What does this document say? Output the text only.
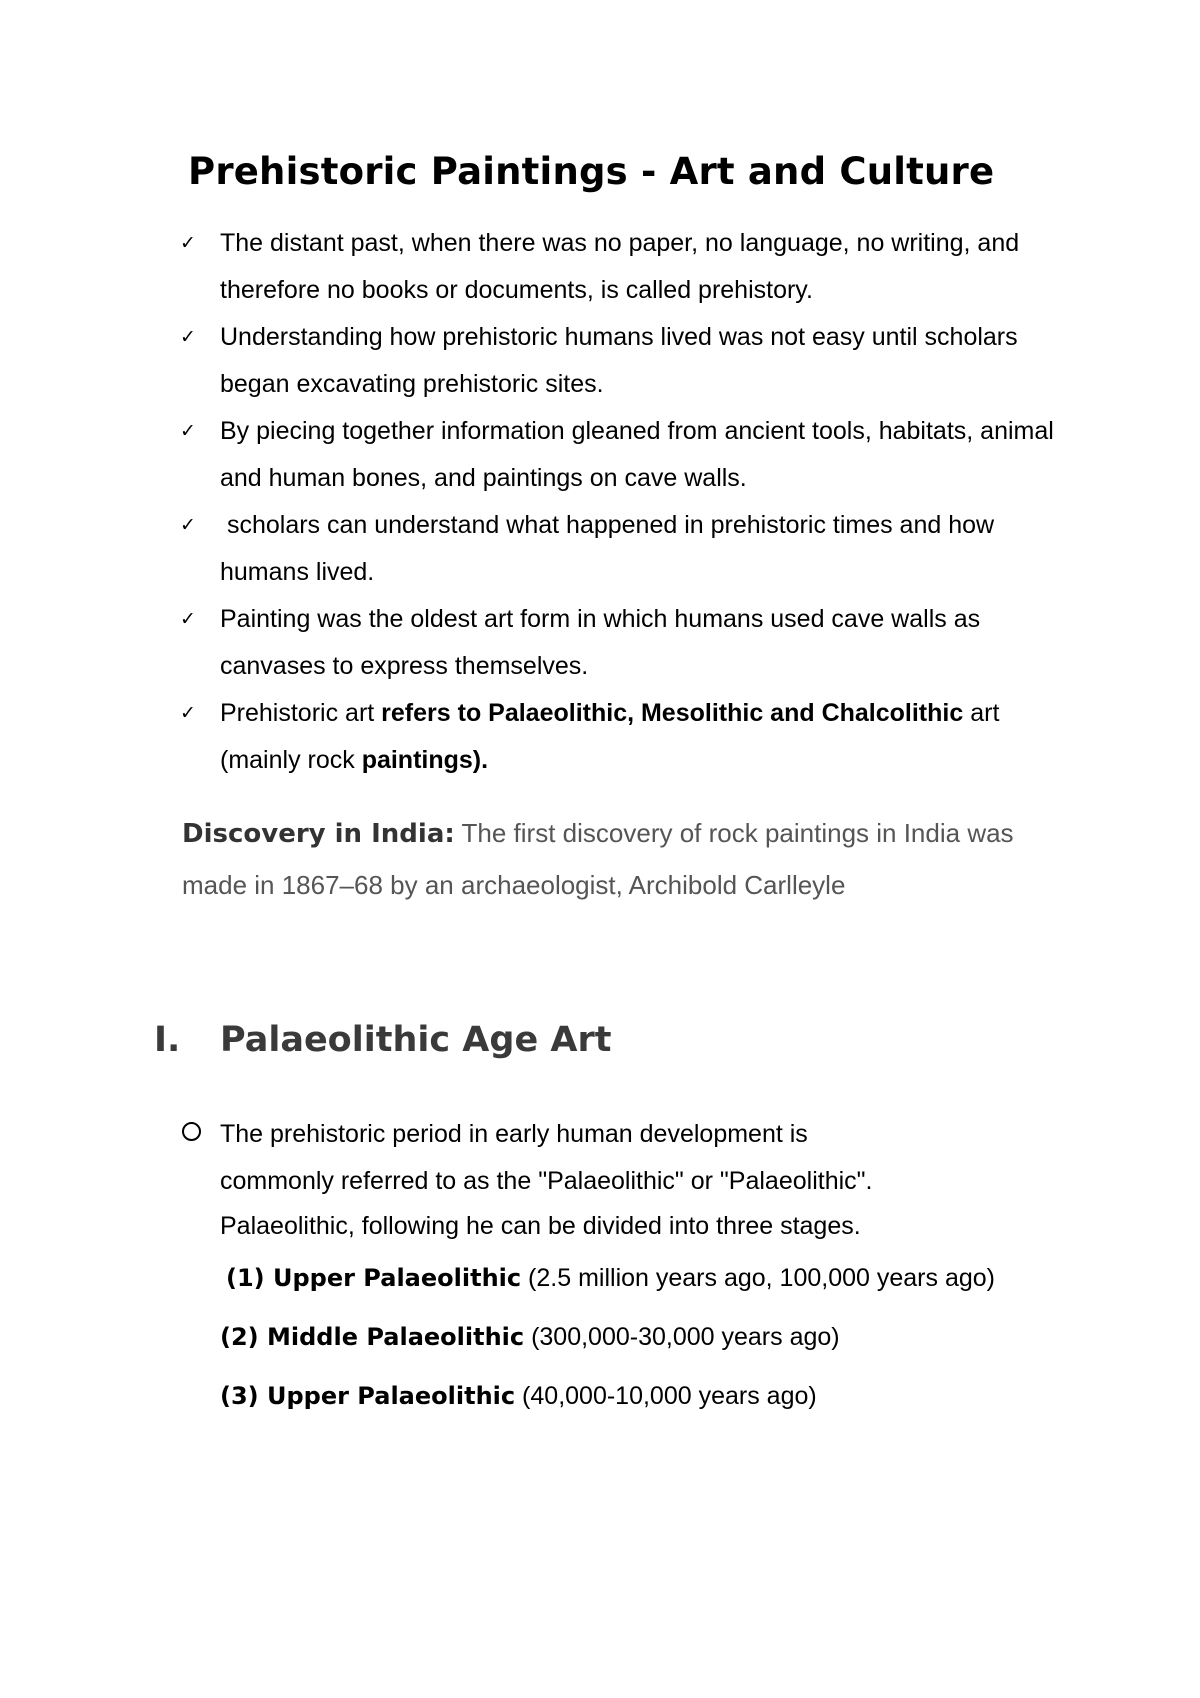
Prehistoric Paintings - Art and Culture
✓ The distant past, when there was no paper, no language, no writing, and therefore no books or documents, is called prehistory.
✓ Understanding how prehistoric humans lived was not easy until scholars began excavating prehistoric sites.
✓ By piecing together information gleaned from ancient tools, habitats, animal and human bones, and paintings on cave walls.
✓ scholars can understand what happened in prehistoric times and how humans lived.
✓ Painting was the oldest art form in which humans used cave walls as canvases to express themselves.
✓ Prehistoric art refers to Palaeolithic, Mesolithic and Chalcolithic art (mainly rock paintings).

Discovery in India: The first discovery of rock paintings in India was made in 1867–68 by an archaeologist, Archibold Carlleyle

I. Palaeolithic Age Art
The prehistoric period in early human development is
commonly referred to as the "Palaeolithic" or "Palaeolithic".
Palaeolithic, following he can be divided into three stages.
(1) Upper Palaeolithic (2.5 million years ago, 100,000 years ago)
(2) Middle Palaeolithic (300,000-30,000 years ago)
(3) Upper Palaeolithic (40,000-10,000 years ago)
